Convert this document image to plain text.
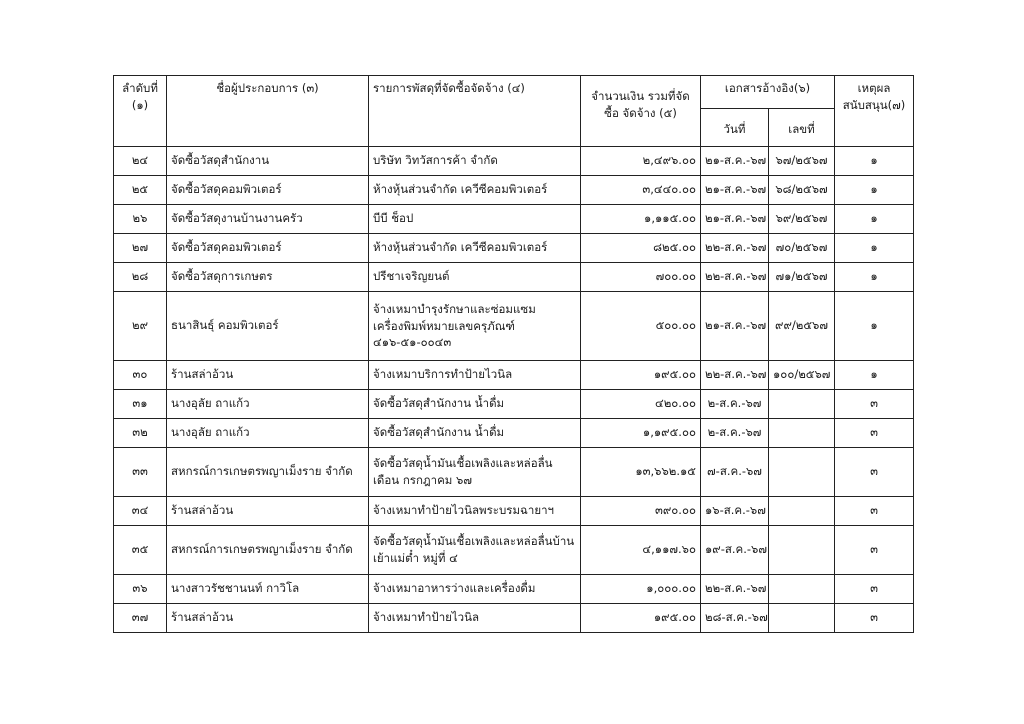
ลำดับที่ (๑)	ชื่อผู้ประกอบการ (๓)	รายการพัสดุที่จัดซื้อจัดจ้าง (๔)	จำนวนเงิน รวมที่จัดซื้อ จัดจ้าง (๕)	เอกสารอ้างอิง(๖)		เหตุผลสนับสนุน(๗)

				วันที่	เลขที่	

๒๔	จัดซื้อวัสดุสำนักงาน	บริษัท วิทวัสการค้า จำกัด	๒,๔๙๖.๐๐	๒๑-ส.ค.-๖๗	๖๗/๒๕๖๗	๑
๒๕	จัดซื้อวัสดุคอมพิวเตอร์	ห้างหุ้นส่วนจำกัด เควีซีคอมพิวเตอร์	๓,๔๔๐.๐๐	๒๑-ส.ค.-๖๗	๖๘/๒๕๖๗	๑
๒๖	จัดซื้อวัสดุงานบ้านงานครัว	บีบี ช็อป	๑,๑๑๕.๐๐	๒๑-ส.ค.-๖๗	๖๙/๒๕๖๗	๑
๒๗	จัดซื้อวัสดุคอมพิวเตอร์	ห้างหุ้นส่วนจำกัด เควีซีคอมพิวเตอร์	๘๒๕.๐๐	๒๒-ส.ค.-๖๗	๗๐/๒๕๖๗	๑
๒๘	จัดซื้อวัสดุการเกษตร	ปรีชาเจริญยนต์	๗๐๐.๐๐	๒๒-ส.ค.-๖๗	๗๑/๒๕๖๗	๑
๒๙	ธนาสินธุ์ คอมพิวเตอร์	จ้างเหมาบำรุงรักษาและซ่อมแซมเครื่องพิมพ์หมายเลขครุภัณฑ์ ๔๑๖-๕๑-๐๐๔๓	๕๐๐.๐๐	๒๑-ส.ค.-๖๗	๙๙/๒๕๖๗	๑
๓๐	ร้านสล่าอ้วน	จ้างเหมาบริการทำป้ายไวนิล	๑๙๕.๐๐	๒๒-ส.ค.-๖๗	๑๐๐/๒๕๖๗	๑
๓๑	นางอุลัย ถาแก้ว	จัดซื้อวัสดุสำนักงาน น้ำดื่ม	๔๒๐.๐๐	๒-ส.ค.-๖๗		๓
๓๒	นางอุลัย ถาแก้ว	จัดซื้อวัสดุสำนักงาน น้ำดื่ม	๑,๑๙๕.๐๐	๒-ส.ค.-๖๗		๓
๓๓	สหกรณ์การเกษตรพญาเม็งราย จำกัด	จัดซื้อวัสดุน้ำมันเชื้อเพลิงและหล่อลื่นเดือน กรกฎาคม ๖๗	๑๓,๖๖๒.๑๕	๗-ส.ค.-๖๗		๓
๓๔	ร้านสล่าอ้วน	จ้างเหมาทำป้ายไวนิลพระบรมฉายาฯ	๓๙๐.๐๐	๑๖-ส.ค.-๖๗		๓
๓๕	สหกรณ์การเกษตรพญาเม็งราย จำกัด	จัดซื้อวัสดุน้ำมันเชื้อเพลิงและหล่อลื่นบ้านเย้าแม่ต๋ำ หมู่ที่ ๔	๔,๑๑๗.๖๐	๑๙-ส.ค.-๖๗		๓
๓๖	นางสาวรัชชานนท์ กาวิโล	จ้างเหมาอาหารว่างและเครื่องดื่ม	๑,๐๐๐.๐๐	๒๒-ส.ค.-๖๗		๓
๓๗	ร้านสล่าอ้วน	จ้างเหมาทำป้ายไวนิล	๑๙๕.๐๐	๒๘-ส.ค.-๖๗		๓
